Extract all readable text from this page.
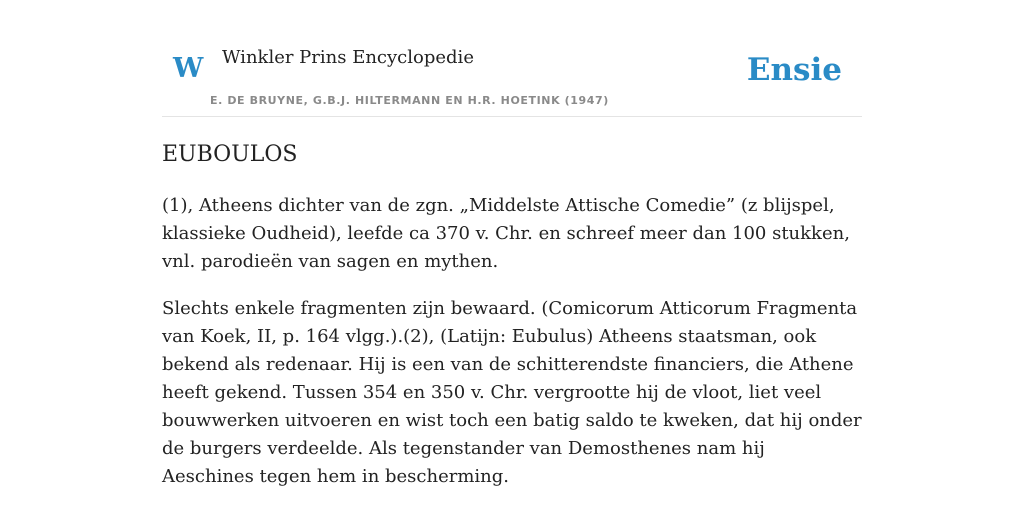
W Winkler Prins Encyclopedie
E. DE BRUYNE, G.B.J. HILTERMANN EN H.R. HOETINK (1947)
Ensie
EUBOULOS

(1), Atheens dichter van de zgn. „Middelste Attische Comedie” (z blijspel, klassieke Oudheid), leefde ca 370 v. Chr. en schreef meer dan 100 stukken, vnl. parodieën van sagen en mythen.

Slechts enkele fragmenten zijn bewaard. (Comicorum Atticorum Fragmenta van Koek, II, p. 164 vlgg.).(2), (Latijn: Eubulus) Atheens staatsman, ook bekend als redenaar. Hij is een van de schitterendste financiers, die Athene heeft gekend. Tussen 354 en 350 v. Chr. vergrootte hij de vloot, liet veel bouwwerken uitvoeren en wist toch een batig saldo te kweken, dat hij onder de burgers verdeelde. Als tegenstander van Demosthenes nam hij Aeschines tegen hem in bescherming.
